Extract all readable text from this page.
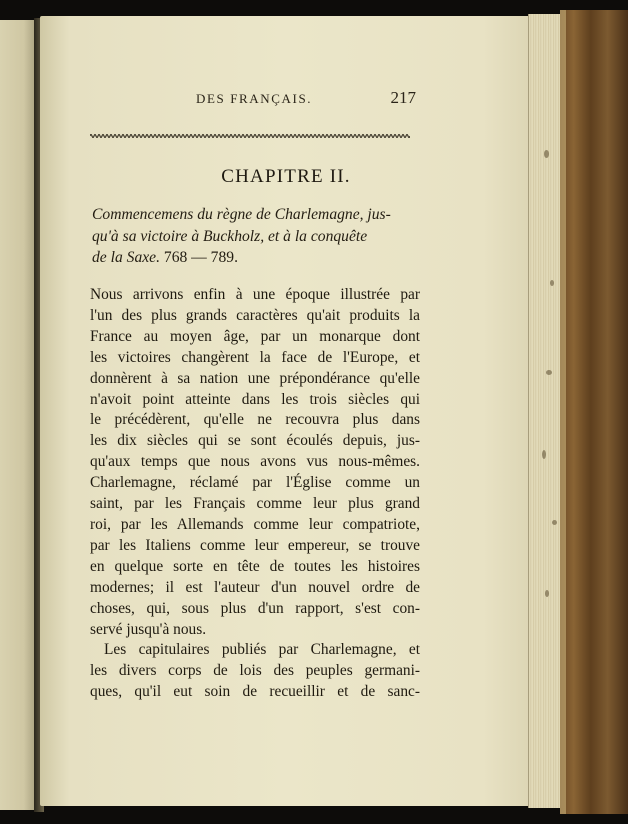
DES FRANÇAIS.	217
CHAPITRE II.
Commencemens du règne de Charlemagne, jus-
qu'à sa victoire à Buckholz, et à la conquête
de la Saxe. 768 — 789.
Nous arrivons enfin à une époque illustrée par
l'un des plus grands caractères qu'ait produits la
France au moyen âge, par un monarque dont
les victoires changèrent la face de l'Europe, et
donnèrent à sa nation une prépondérance qu'elle
n'avoit point atteinte dans les trois siècles qui
le précédèrent, qu'elle ne recouvra plus dans
les dix siècles qui se sont écoulés depuis, jus-
qu'aux temps que nous avons vus nous-mêmes.
Charlemagne, réclamé par l'Église comme un
saint, par les Français comme leur plus grand
roi, par les Allemands comme leur compatriote,
par les Italiens comme leur empereur, se trouve
en quelque sorte en tête de toutes les histoires
modernes; il est l'auteur d'un nouvel ordre de
choses, qui, sous plus d'un rapport, s'est con-
servé jusqu'à nous.
Les capitulaires publiés par Charlemagne, et
les divers corps de lois des peuples germani-
ques, qu'il eut soin de recueillir et de sanc-
